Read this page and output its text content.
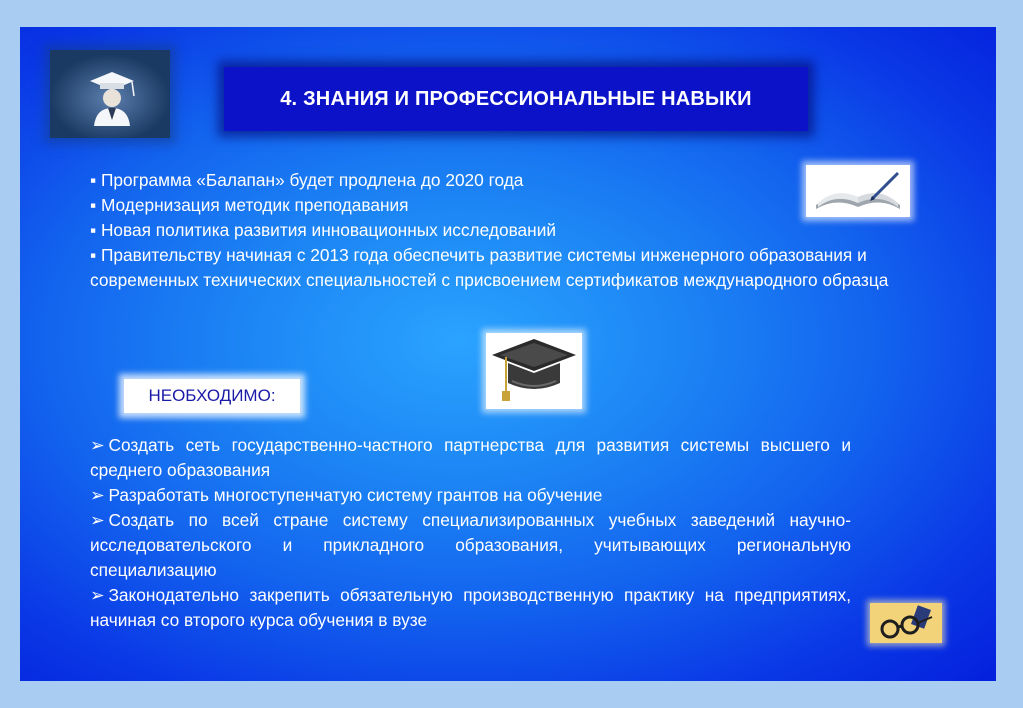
4. ЗНАНИЯ И ПРОФЕССИОНАЛЬНЫЕ НАВЫКИ
▪ Программа «Балапан» будет продлена до 2020 года
▪ Модернизация методик преподавания
▪ Новая политика развития инновационных исследований
▪ Правительству начиная с 2013 года обеспечить развитие системы инженерного образования и современных технических специальностей с присвоением сертификатов международного образца
НЕОБХОДИМО:
➢ Создать сеть государственно-частного партнерства для развития системы высшего и среднего образования
➢ Разработать многоступенчатую систему грантов на обучение
➢ Создать по всей стране систему специализированных учебных заведений научно-исследовательского и прикладного образования, учитывающих региональную специализацию
➢ Законодательно закрепить обязательную производственную практику на предприятиях, начиная со второго курса обучения в вузе
